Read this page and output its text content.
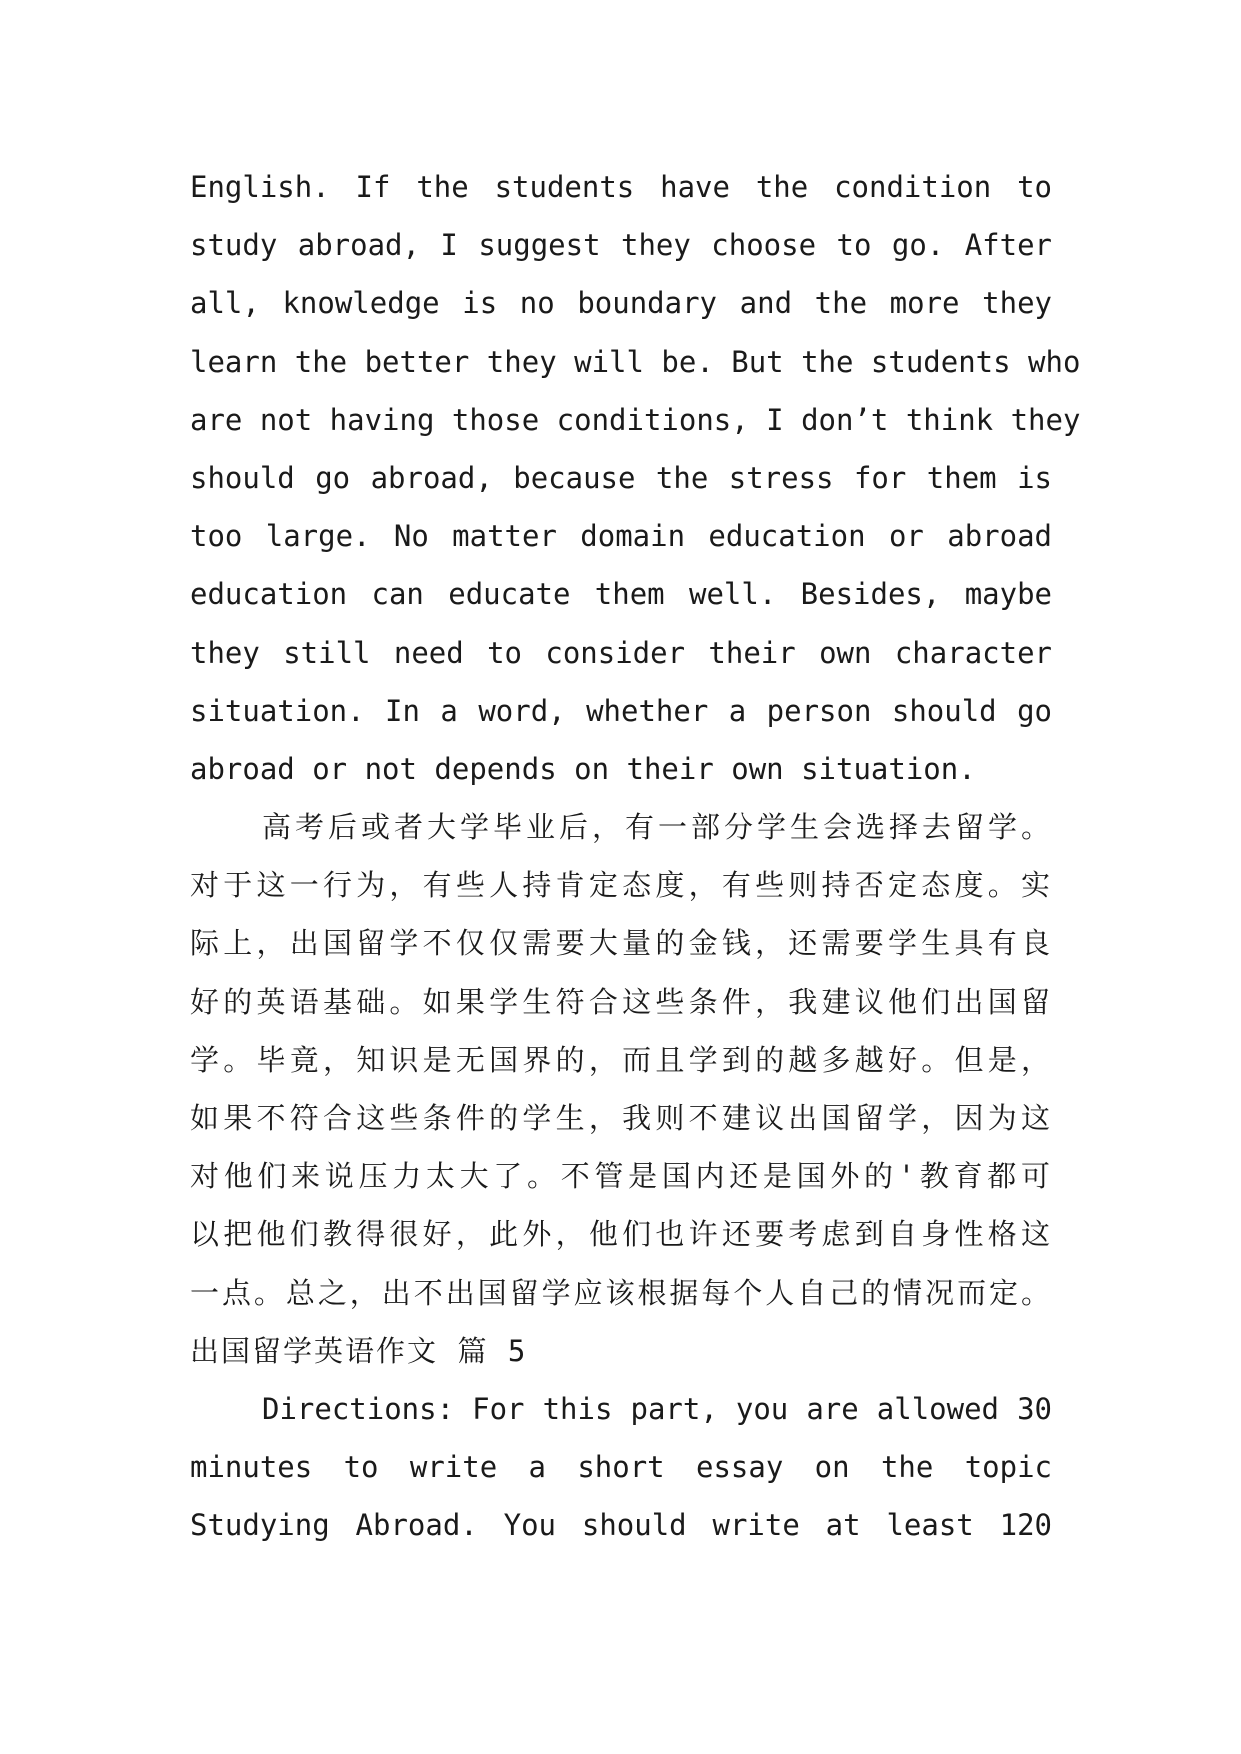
English. If the students have the condition to
study abroad, I suggest they choose to go. After
all, knowledge is no boundary and the more they
learn the better they will be. But the students who
are not having those conditions, I don’t think they
should go abroad, because the stress for them is
too large. No matter domain education or abroad
education can educate them well. Besides, maybe
they still need to consider their own character
situation. In a word, whether a person should go
abroad or not depends on their own situation.
高考后或者大学毕业后，有一部分学生会选择去留学。
对于这一行为，有些人持肯定态度，有些则持否定态度。实
际上，出国留学不仅仅需要大量的金钱，还需要学生具有良
好的英语基础。如果学生符合这些条件，我建议他们出国留
学。毕竟，知识是无国界的，而且学到的越多越好。但是，
如果不符合这些条件的学生，我则不建议出国留学，因为这
对他们来说压力太大了。不管是国内还是国外的'教育都可
以把他们教得很好，此外，他们也许还要考虑到自身性格这
一点。总之，出不出国留学应该根据每个人自己的情况而定。
出国留学英语作文 篇 5
Directions: For this part, you are allowed 30
minutes to write a short essay on the topic
Studying Abroad. You should write at least 120
